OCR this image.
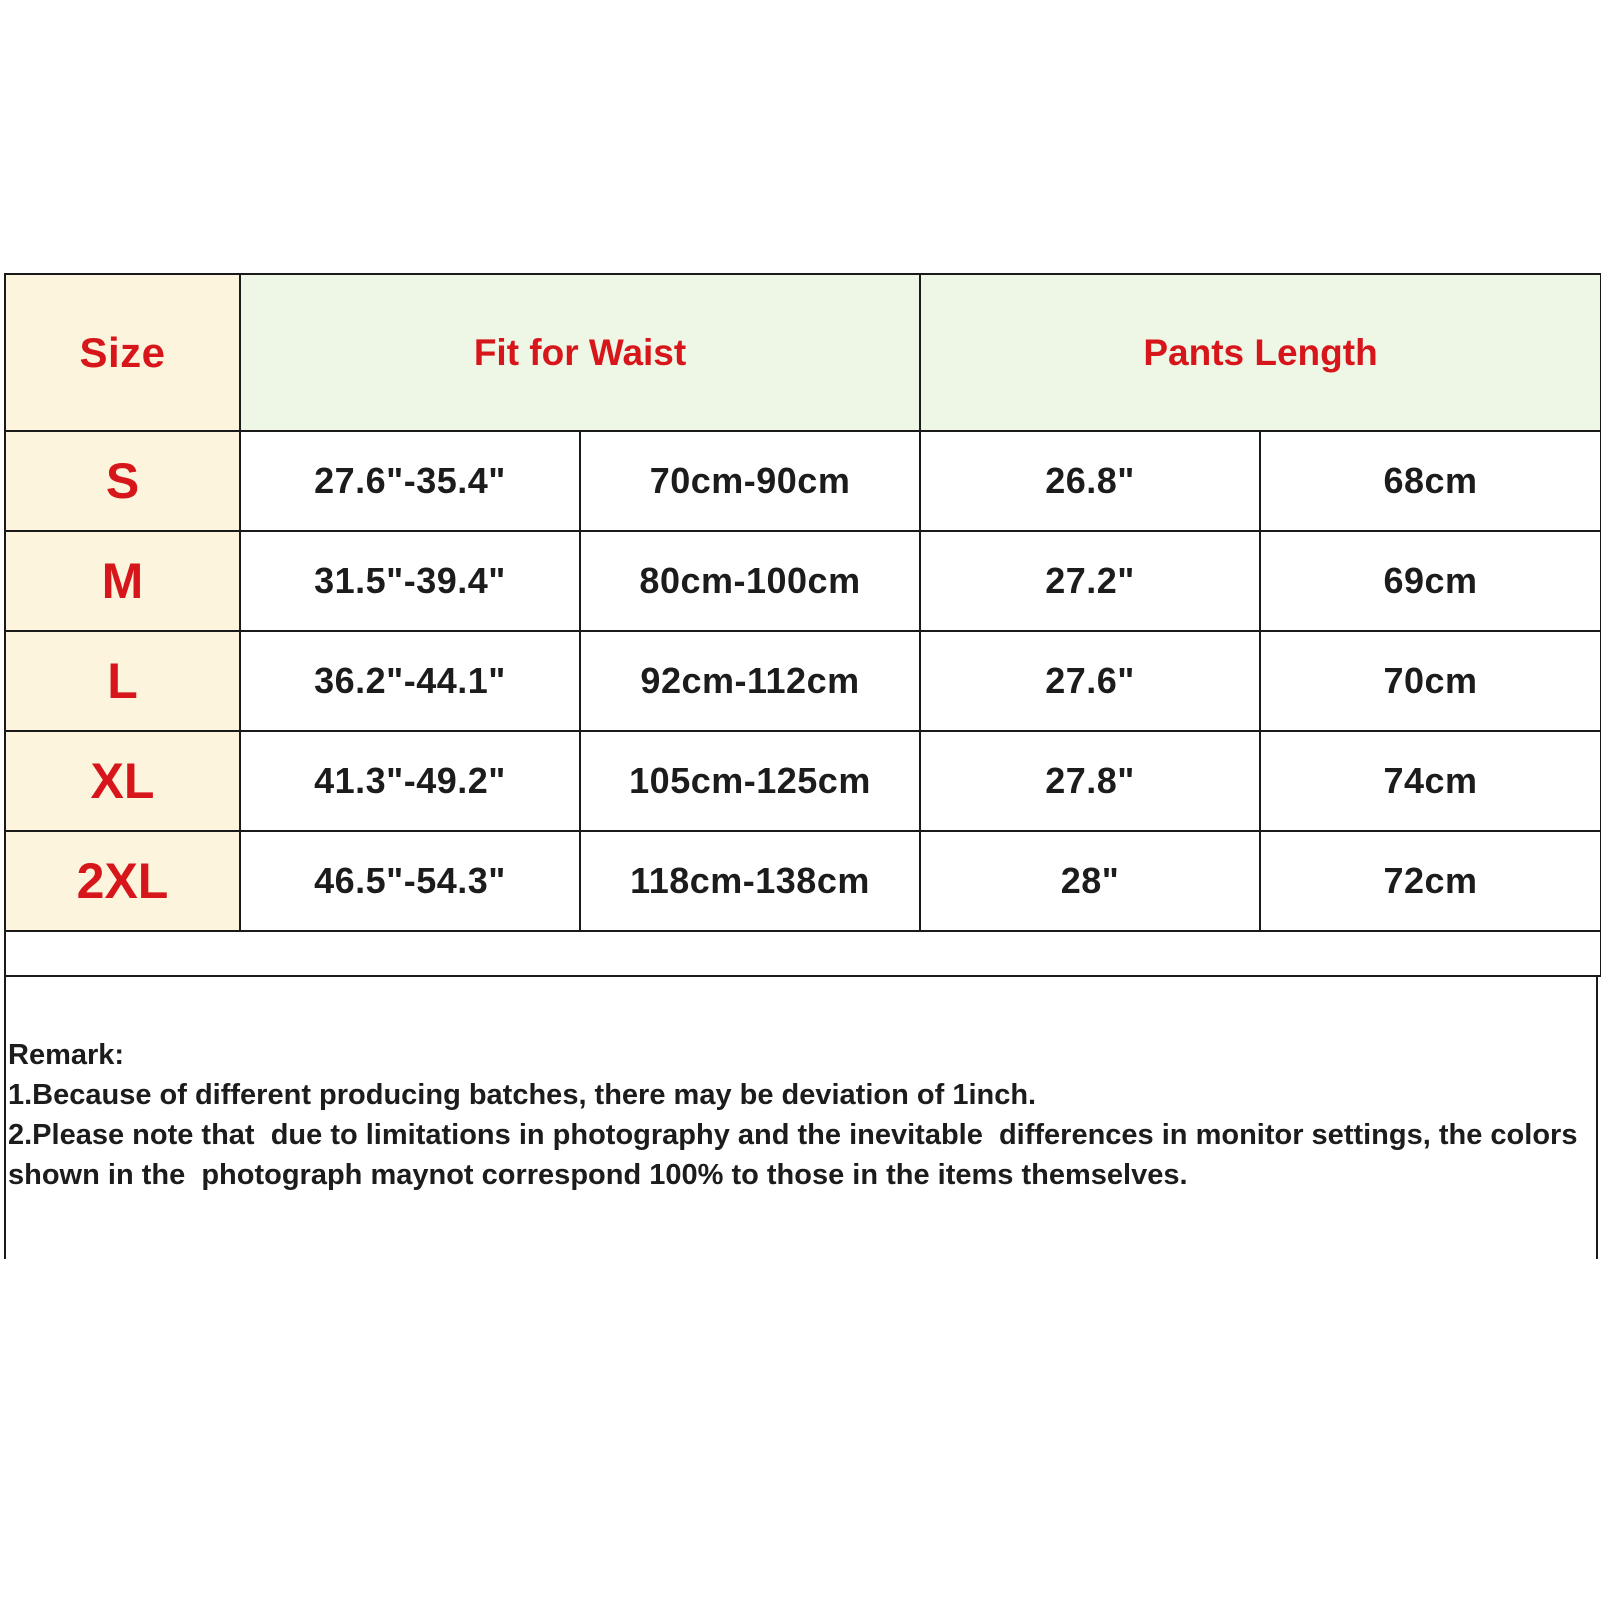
Size	Fit for Waist		Pants Length	
S	27.6"-35.4"	70cm-90cm	26.8"	68cm
M	31.5"-39.4"	80cm-100cm	27.2"	69cm
L	36.2"-44.1"	92cm-112cm	27.6"	70cm
XL	41.3"-49.2"	105cm-125cm	27.8"	74cm
2XL	46.5"-54.3"	118cm-138cm	28"	72cm

Remark:

1.Because of different producing batches, there may be deviation of 1inch.

2.Please note that  due to limitations in photography and the inevitable  differences in monitor settings, the colors shown in the  photograph maynot correspond 100% to those in the items themselves.
